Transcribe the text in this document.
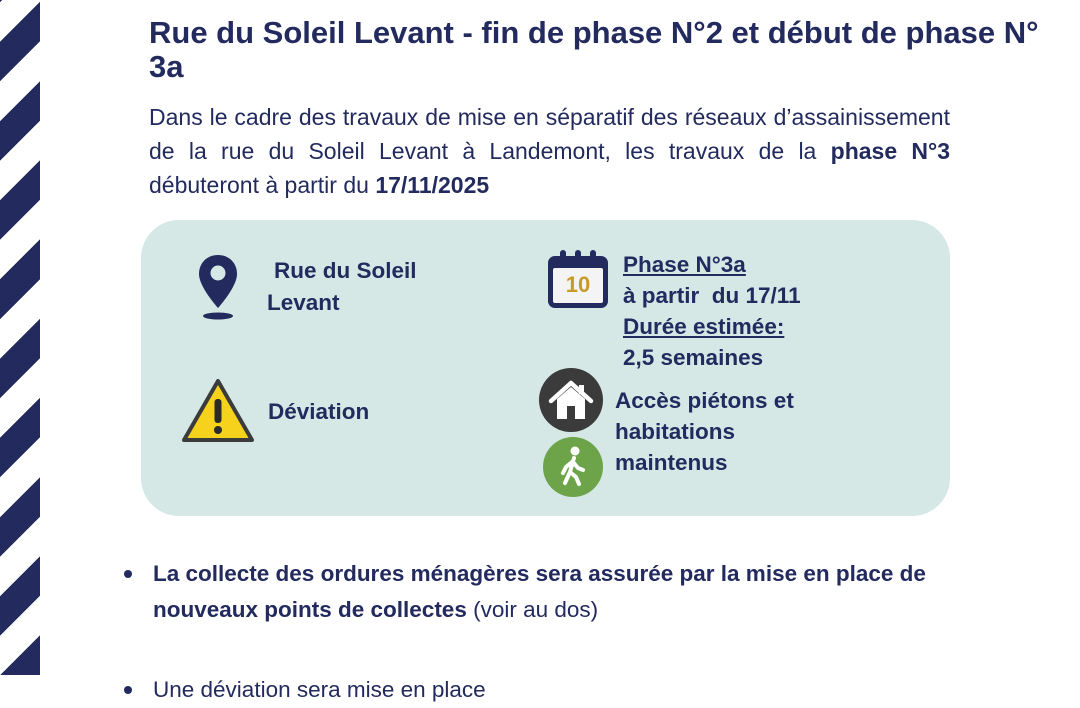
Rue du Soleil Levant - fin de phase N°2 et début de phase N° 3a

Dans le cadre des travaux de mise en séparatif des réseaux d’assainissement de la rue du Soleil Levant à Landemont, les travaux de la phase N°3 débuteront à partir du 17/11/2025

Rue du Soleil

Levant

10

Phase N°3a

à partir  du 17/11

Durée estimée:

2,5 semaines

Déviation	Accès piétons et

habitations

maintenus

La collecte des ordures ménagères sera assurée par la mise en place de nouveaux points de collectes (voir au dos)
Une déviation sera mise en place
